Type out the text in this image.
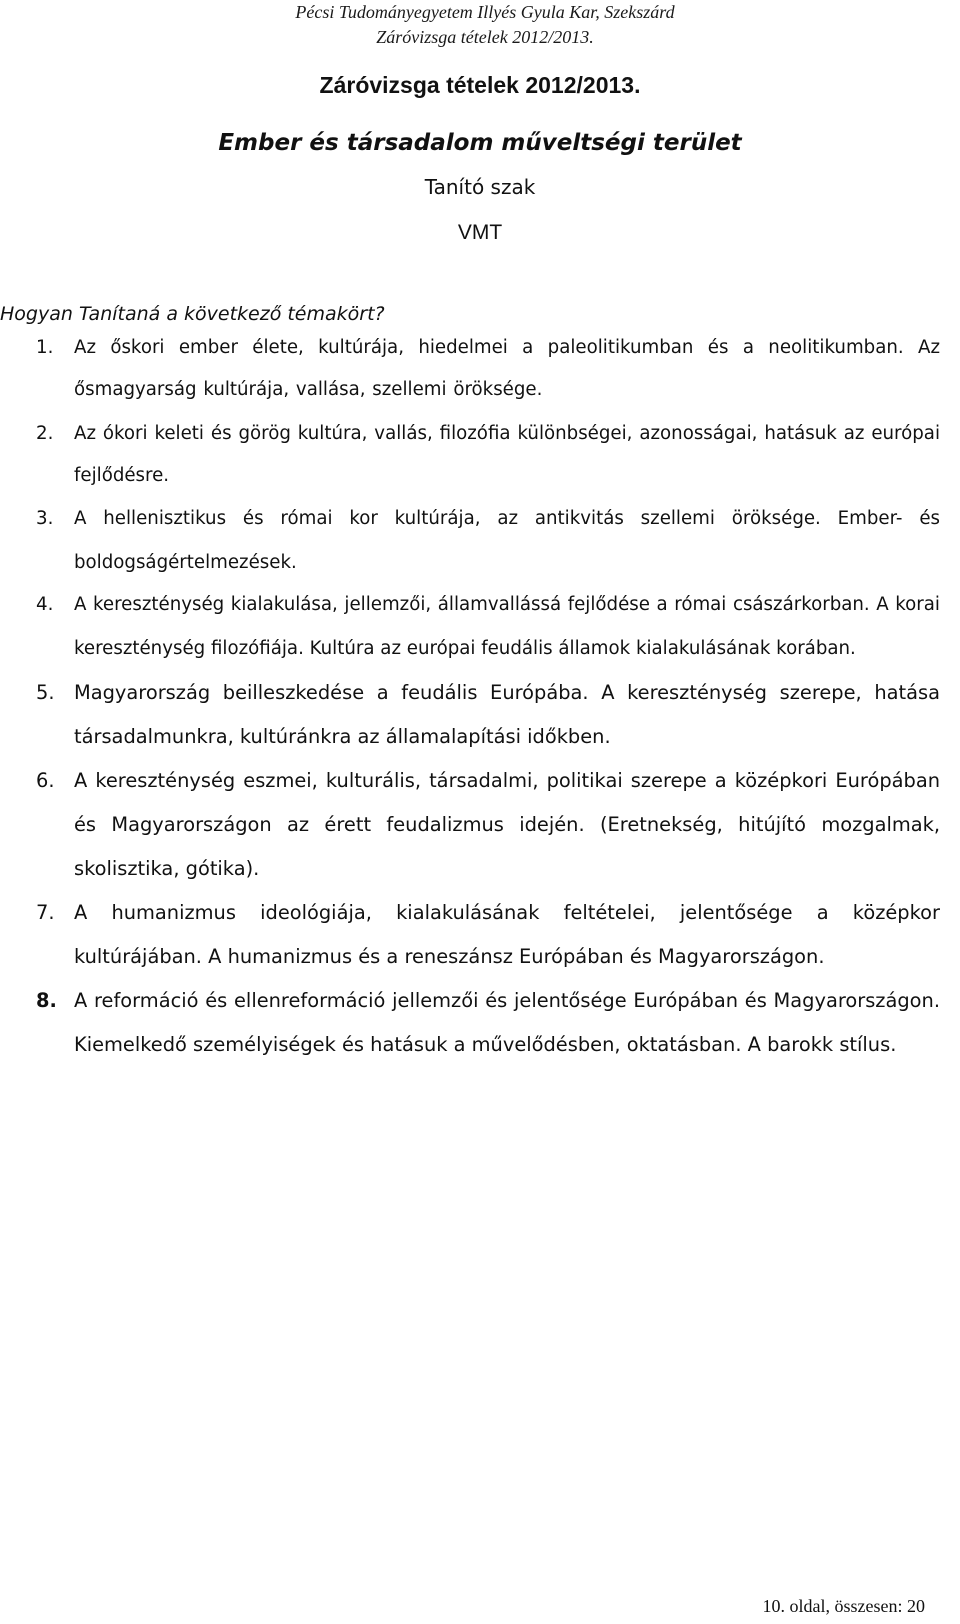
Pécsi Tudományegyetem Illyés Gyula Kar, Szekszárd
Záróvizsga tételek 2012/2013.
Záróvizsga tételek 2012/2013.
Ember és társadalom műveltségi terület
Tanító szak
VMT
Hogyan Tanítaná a következő témakört?
1. Az őskori ember élete, kultúrája, hiedelmei a paleolitikumban és a neolitikumban. Az ősmagyarság kultúrája, vallása, szellemi öröksége.
2. Az ókori keleti és görög kultúra, vallás, filozófia különbségei, azonosságai, hatásuk az európai fejlődésre.
3. A hellenisztikus és római kor kultúrája, az antikvitás szellemi öröksége. Ember- és boldogságértelmezések.
4. A kereszténység kialakulása, jellemzői, államvallássá fejlődése a római császárkorban. A korai kereszténység filozófiája. Kultúra az európai feudális államok kialakulásának korában.
5. Magyarország beilleszkedése a feudális Európába. A kereszténység szerepe, hatása társadalmunkra, kultúránkra az államalapítási időkben.
6. A kereszténység eszmei, kulturális, társadalmi, politikai szerepe a középkori Európában és Magyarországon az érett feudalizmus idején. (Eretnekség, hitújító mozgalmak, skolisztika, gótika).
7. A humanizmus ideológiája, kialakulásának feltételei, jelentősége a középkor kultúrájában. A humanizmus és a reneszánsz Európában és Magyarországon.
8. A reformáció és ellenreformáció jellemzői és jelentősége Európában és Magyarországon. Kiemelkedő személyiségek és hatásuk a művelődésben, oktatásban. A barokk stílus.
10. oldal, összesen: 20
